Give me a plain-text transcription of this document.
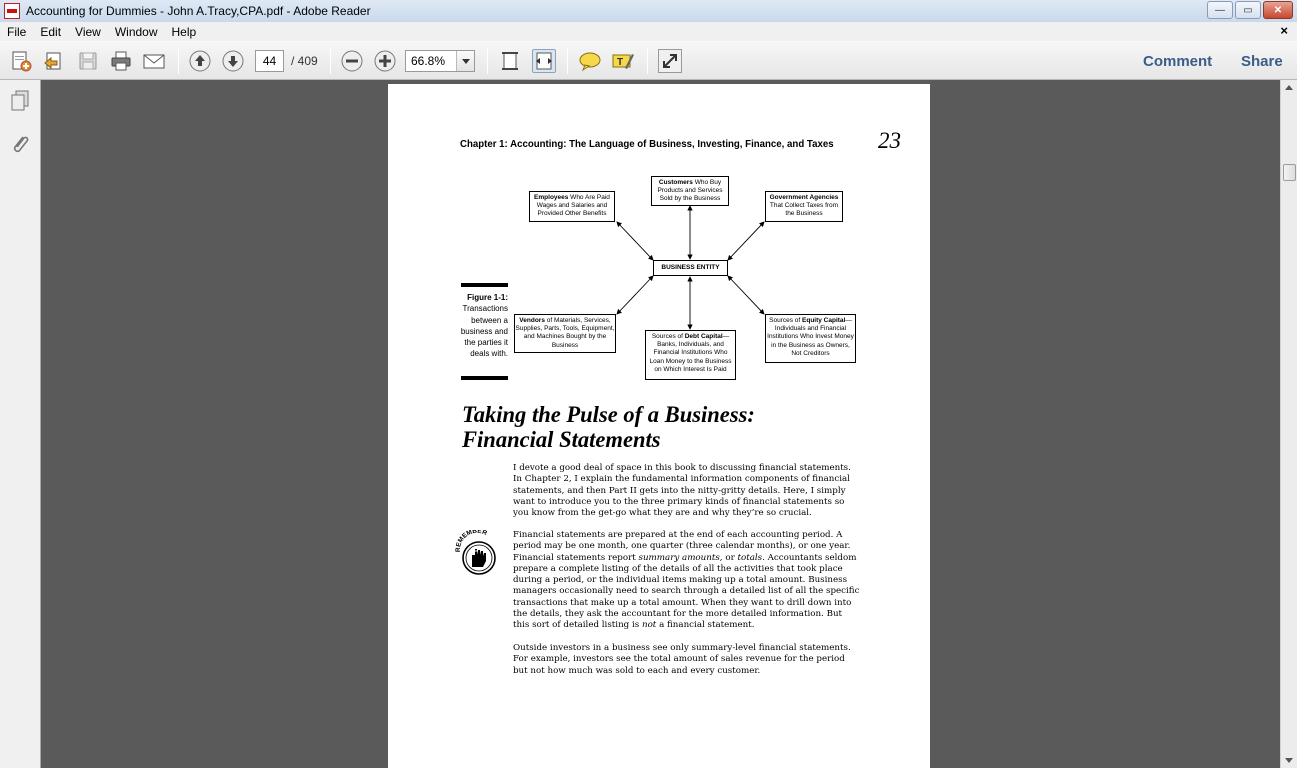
Accounting for Dummies - John A.Tracy,CPA.pdf - Adobe Reader	—	▭	✕
File	Edit	View	Window	Help	×
44	/ 409	66.8%	T	Comment Share
Chapter 1: Accounting: The Language of Business, Investing, Finance, and Taxes 23
Customers Who Buy Products and Services Sold by the Business
Employees Who Are Paid Wages and Salaries and Provided Other Benefits
Government Agencies
That Collect Taxes from the Business
BUSINESS ENTITY
Vendors of Materials, Services, Supplies, Parts, Tools, Equipment, and Machines Bought by the Business
Sources of Debt Capital—Banks, Individuals, and Financial Institutions Who Loan Money to the Business on Which Interest Is Paid
Sources of Equity Capital—Individuals and Financial Institutions Who Invest Money in the Business as Owners, Not Creditors
Figure 1-1:
Transactions between a business and the parties it deals with.
Taking the Pulse of a Business:
Financial Statements

I devote a good deal of space in this book to discussing financial statements. In Chapter 2, I explain the fundamental information components of financial statements, and then Part II gets into the nitty-gritty details. Here, I simply want to introduce you to the three primary kinds of financial statements so you know from the get-go what they are and why they’re so crucial.

REMEMBER	Financial statements are prepared at the end of each accounting period. A period may be one month, one quarter (three calendar months), or one year. Financial statements report summary amounts, or totals. Accountants seldom prepare a complete listing of the details of all the activities that took place during a period, or the individual items making up a total amount. Business managers occasionally need to search through a detailed list of all the specific transactions that make up a total amount. When they want to drill down into the details, they ask the accountant for the more detailed information. But this sort of detailed listing is not a financial statement.

Outside investors in a business see only summary-level financial statements. For example, investors see the total amount of sales revenue for the period but not how much was sold to each and every customer.
